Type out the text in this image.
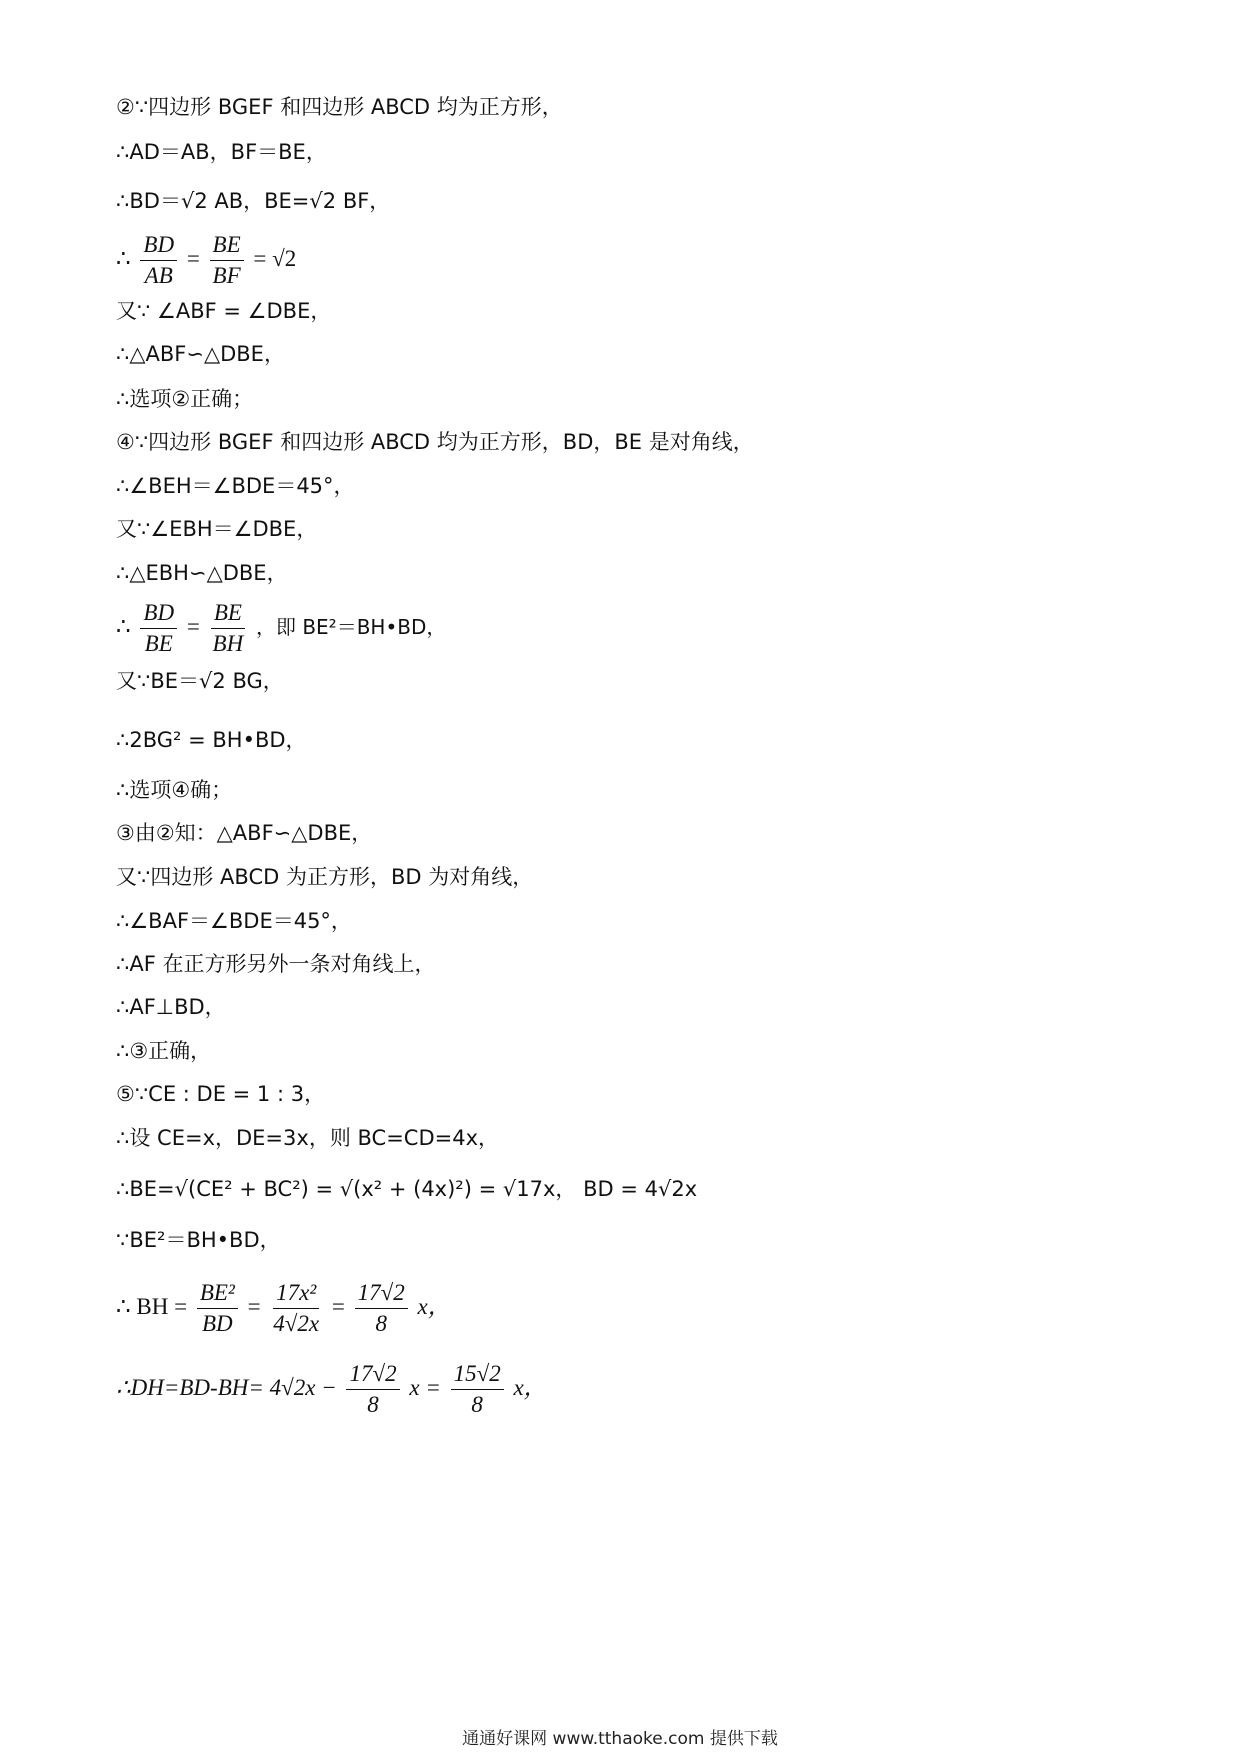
②∵四边形 BGEF 和四边形 ABCD 均为正方形，
∴AD＝AB，BF＝BE，
∴BD＝√2 AB，BE=√2 BF，
∴ $\frac{BD}{AB} = \frac{BE}{BF} = √2$
又∵ ∠ABF = ∠DBE，
∴△ABF∽△DBE，
∴选项②正确；
④∵四边形 BGEF 和四边形 ABCD 均为正方形，BD，BE 是对角线，
∴∠BEH＝∠BDE＝45°，
又∵∠EBH＝∠DBE，
∴△EBH∽△DBE，
∴ $\frac{BD}{BE} = \frac{BE}{BH}$ ，即 BE²＝BH•BD，
又∵BE＝√2 BG，
∴2BG² = BH•BD，
∴选项④确；
③由②知：△ABF∽△DBE，
又∵四边形 ABCD 为正方形，BD 为对角线，
∴∠BAF＝∠BDE＝45°，
∴AF 在正方形另外一条对角线上，
∴AF⊥BD，
∴③正确，
⑤∵CE : DE = 1 : 3，
∴设 CE=x，DE=3x，则 BC=CD=4x，
∴BE=√(CE² + BC²) = √(x² + (4x)²) = √17x， BD = 4√2x
∵BE²＝BH•BD，
∴ BH = $\frac{\text{BE²}}{BD} = \frac{\text{17x²}}{4√2x} = \frac{17√2}{8}$ x，
∴DH=BD-BH= $4√2x - \frac{17√2}{8}$ $x = \frac{15√2}{8}$ x，
通通好课网 www.tthaoke.com 提供下载
